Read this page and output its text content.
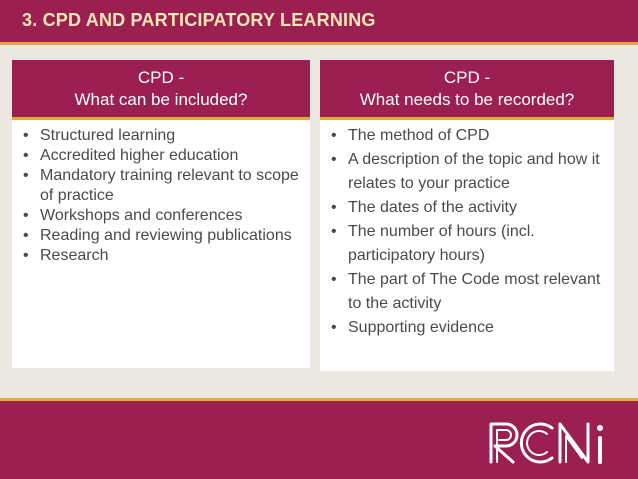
3. CPD AND PARTICIPATORY LEARNING
CPD -
What can be included?
• Structured learning
• Accredited higher education
• Mandatory training relevant to scope of practice
• Workshops and conferences
• Reading and reviewing publications
• Research
CPD -
What needs to be recorded?
• The method of CPD
• A description of the topic and how it relates to your practice
• The dates of the activity
• The number of hours (incl. participatory hours)
• The part of The Code most relevant to the activity
• Supporting evidence
